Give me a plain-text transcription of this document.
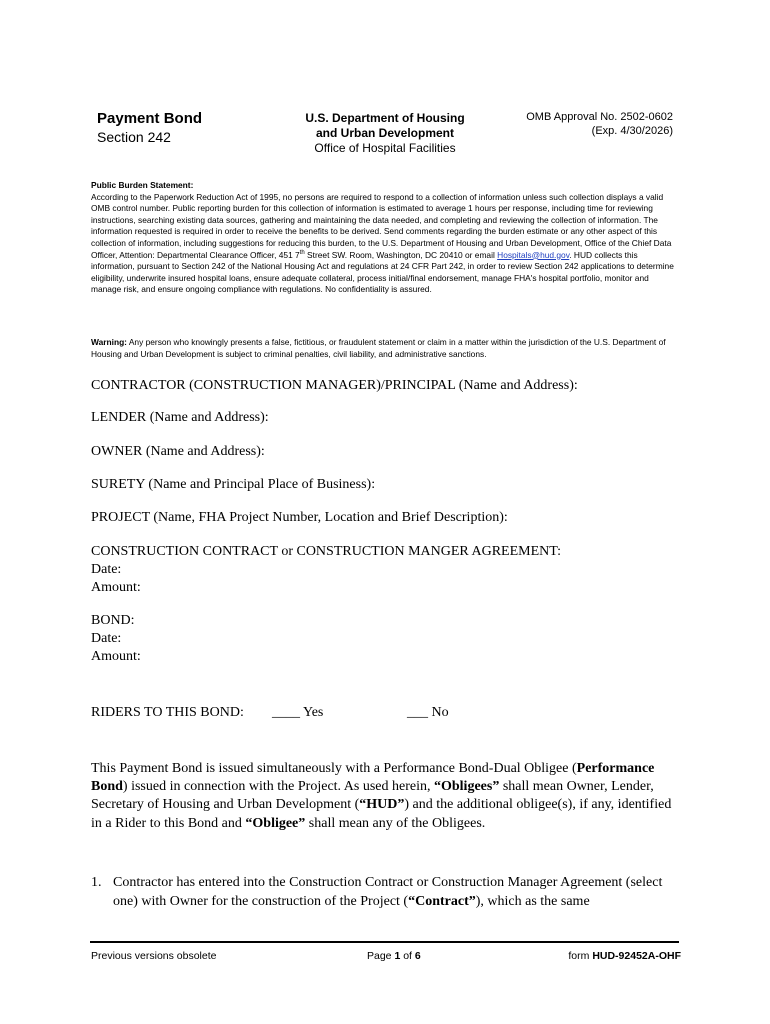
Payment Bond
Section 242
U.S. Department of Housing
and Urban Development
Office of Hospital Facilities
OMB Approval No. 2502-0602
(Exp. 4/30/2026)
Public Burden Statement:
According to the Paperwork Reduction Act of 1995, no persons are required to respond to a collection of information unless such collection displays a valid OMB control number. Public reporting burden for this collection of information is estimated to average 1 hours per response, including time for reviewing instructions, searching existing data sources, gathering and maintaining the data needed, and completing and reviewing the collection of information. The information requested is required in order to receive the benefits to be derived. Send comments regarding the burden estimate or any other aspect of this collection of information, including suggestions for reducing this burden, to the U.S. Department of Housing and Urban Development, Office of the Chief Data Officer, Attention: Departmental Clearance Officer, 451 7th Street SW. Room, Washington, DC 20410 or email Hospitals@hud.gov. HUD collects this information, pursuant to Section 242 of the National Housing Act and regulations at 24 CFR Part 242, in order to review Section 242 applications to determine eligibility, underwrite insured hospital loans, ensure adequate collateral, process initial/final endorsement, manage FHA's hospital portfolio, monitor and manage risk, and ensure ongoing compliance with regulations. No confidentiality is assured.
Warning: Any person who knowingly presents a false, fictitious, or fraudulent statement or claim in a matter within the jurisdiction of the U.S. Department of Housing and Urban Development is subject to criminal penalties, civil liability, and administrative sanctions.
CONTRACTOR (CONSTRUCTION MANAGER)/PRINCIPAL (Name and Address):
LENDER (Name and Address):
OWNER (Name and Address):
SURETY (Name and Principal Place of Business):
PROJECT (Name, FHA Project Number, Location and Brief Description):
CONSTRUCTION CONTRACT or CONSTRUCTION MANGER AGREEMENT:
Date:
Amount:
BOND:
Date:
Amount:
RIDERS TO THIS BOND: ____ Yes	___ No
This Payment Bond is issued simultaneously with a Performance Bond-Dual Obligee (Performance Bond) issued in connection with the Project. As used herein, “Obligees” shall mean Owner, Lender, Secretary of Housing and Urban Development (“HUD”) and the additional obligee(s), if any, identified in a Rider to this Bond and “Obligee” shall mean any of the Obligees.
1. Contractor has entered into the Construction Contract or Construction Manager Agreement (select one) with Owner for the construction of the Project (“Contract”), which as the same
Previous versions obsolete	Page 1 of 6	form HUD-92452A-OHF
